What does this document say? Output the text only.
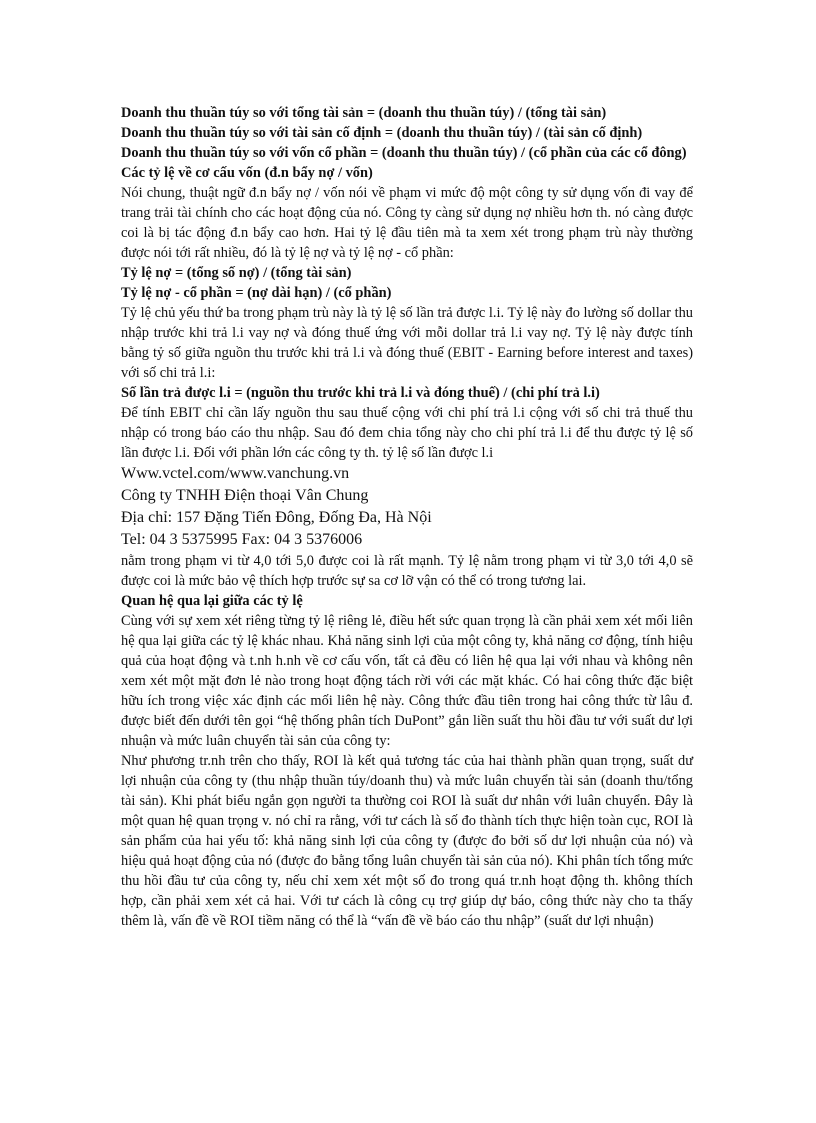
Doanh thu thuần túy so với tổng tài sản = (doanh thu thuần túy) / (tổng tài sản)

Doanh thu thuần túy so với tài sản cố định = (doanh thu thuần túy) / (tài sản cố định)

Doanh thu thuần túy so với vốn cổ phần = (doanh thu thuần túy) / (cổ phần của các cổ đông)

Các tỷ lệ về cơ cấu vốn (đ.n bẩy nợ / vốn)

Nói chung, thuật ngữ đ.n bẩy nợ / vốn nói về phạm vi mức độ một công ty sử dụng vốn đi vay để trang trải tài chính cho các hoạt động của nó. Công ty càng sử dụng nợ nhiều hơn th. nó càng được coi là bị tác động đ.n bẩy cao hơn. Hai tỷ lệ đầu tiên mà ta xem xét trong phạm trù này thường được nói tới rất nhiều, đó là tỷ lệ nợ và tỷ lệ nợ - cổ phần:

Tỷ lệ nợ = (tổng số nợ) / (tổng tài sản)

Tỷ lệ nợ - cổ phần = (nợ dài hạn) / (cổ phần)

Tỷ lệ chủ yếu thứ ba trong phạm trù này là tỷ lệ số lần trả được l.i. Tỷ lệ này đo lường số dollar thu nhập trước khi trả l.i vay nợ và đóng thuế ứng với mỗi dollar trả l.i vay nợ. Tỷ lệ này được tính bằng tỷ số giữa nguồn thu trước khi trả l.i và đóng thuế (EBIT - Earning before interest and taxes) với số chi trả l.i:

Số lần trả được l.i = (nguồn thu trước khi trả l.i và đóng thuế) / (chi phí trả l.i)

Để tính EBIT chỉ cần lấy nguồn thu sau thuế cộng với chi phí trả l.i cộng với số chi trả thuế thu nhập có trong báo cáo thu nhập. Sau đó đem chia tổng này cho chi phí trả l.i để thu được tỷ lệ số lần được l.i. Đối với phần lớn các công ty th. tỷ lệ số lần được l.i

Www.vctel.com/www.vanchung.vn

Công ty TNHH Điện thoại Vân Chung

Địa chỉ: 157 Đặng Tiến Đông, Đống Đa, Hà Nội

Tel: 04 3 5375995 Fax: 04 3 5376006

nằm trong phạm vi từ 4,0 tới 5,0 được coi là rất mạnh. Tỷ lệ nằm trong phạm vi từ 3,0 tới 4,0 sẽ được coi là mức bảo vệ thích hợp trước sự sa cơ lỡ vận có thể có trong tương lai.

Quan hệ qua lại giữa các tỷ lệ

Cùng với sự xem xét riêng từng tỷ lệ riêng lẻ, điều hết sức quan trọng là cần phải xem xét mối liên hệ qua lại giữa các tỷ lệ khác nhau. Khả năng sinh lợi của một công ty, khả năng cơ động, tính hiệu quả của hoạt động và t.nh h.nh về cơ cấu vốn, tất cả đều có liên hệ qua lại với nhau và không nên xem xét một mặt đơn lẻ nào trong hoạt động tách rời với các mặt khác. Có hai công thức đặc biệt hữu ích trong việc xác định các mối liên hệ này. Công thức đầu tiên trong hai công thức từ lâu đ. được biết đến dưới tên gọi “hệ thống phân tích DuPont” gắn liền suất thu hồi đầu tư với suất dư lợi nhuận và mức luân chuyển tài sản của công ty:

Như phương tr.nh trên cho thấy, ROI là kết quả tương tác của hai thành phần quan trọng, suất dư lợi nhuận của công ty (thu nhập thuần túy/doanh thu) và mức luân chuyển tài sản (doanh thu/tổng tài sản). Khi phát biểu ngắn gọn người ta thường coi ROI là suất dư nhân với luân chuyển. Đây là một quan hệ quan trọng v. nó chỉ ra rằng, với tư cách là số đo thành tích thực hiện toàn cục, ROI là sản phẩm của hai yếu tố: khả năng sinh lợi của công ty (được đo bởi số dư lợi nhuận của nó) và hiệu quả hoạt động của nó (được đo bằng tổng luân chuyển tài sản của nó). Khi phân tích tổng mức thu hồi đầu tư của công ty, nếu chỉ xem xét một số đo trong quá tr.nh hoạt động th. không thích hợp, cần phải xem xét cả hai. Với tư cách là công cụ trợ giúp dự báo, công thức này cho ta thấy thêm là, vấn đề về ROI tiềm năng có thể là “vấn đề về báo cáo thu nhập” (suất dư lợi nhuận)
